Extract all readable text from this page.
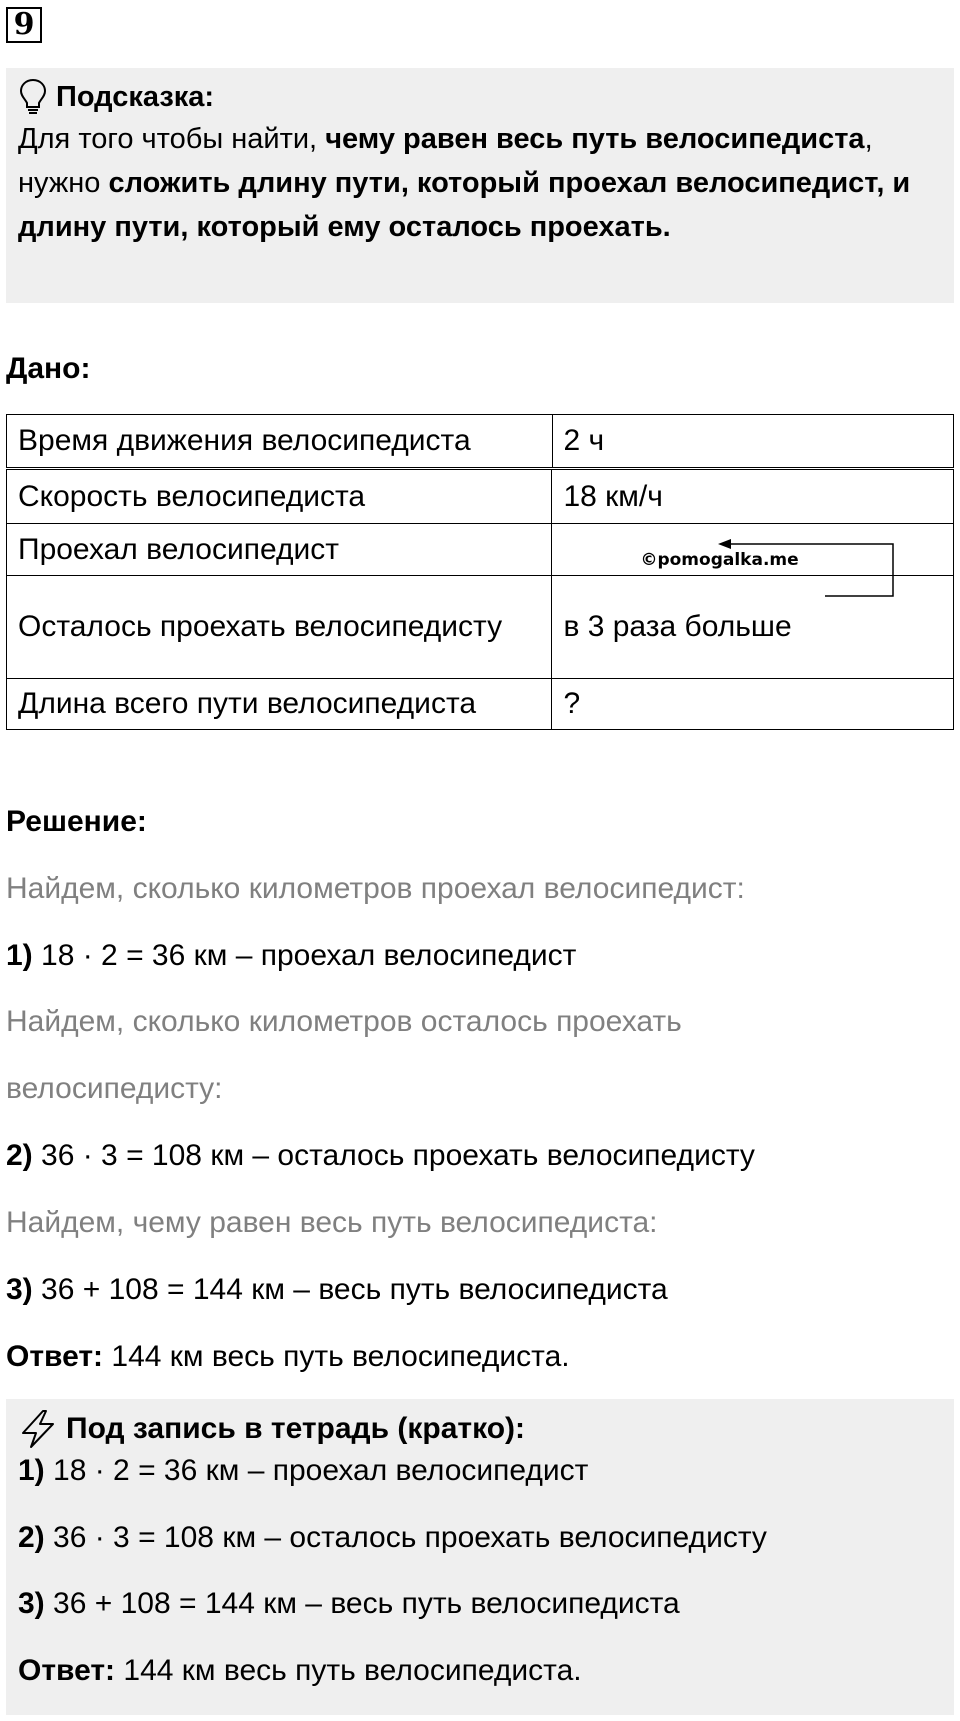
9
Подсказка:
Для того чтобы найти, чему равен весь путь велосипедиста, нужно сложить длину пути, который проехал велосипедист, и длину пути, который ему осталось проехать.
Дано:
Время движения велосипедиста	2 ч
Скорость велосипедиста	18 км/ч
Проехал велосипедист	©pomogalka.me

Осталось проехать велосипедисту	в 3 раза больше
Длина всего пути велосипедиста	?
Решение:
Найдем, сколько километров проехал велосипедист:
1) 18 · 2 = 36 км – проехал велосипедист
Найдем, сколько километров осталось проехать
велосипедисту:
2) 36 · 3 = 108 км – осталось проехать велосипедисту
Найдем, чему равен весь путь велосипедиста:
3) 36 + 108 = 144 км – весь путь велосипедиста
Ответ: 144 км весь путь велосипедиста.
Под запись в тетрадь (кратко):
1) 18 · 2 = 36 км – проехал велосипедист
2) 36 · 3 = 108 км – осталось проехать велосипедисту
3) 36 + 108 = 144 км – весь путь велосипедиста
Ответ: 144 км весь путь велосипедиста.
